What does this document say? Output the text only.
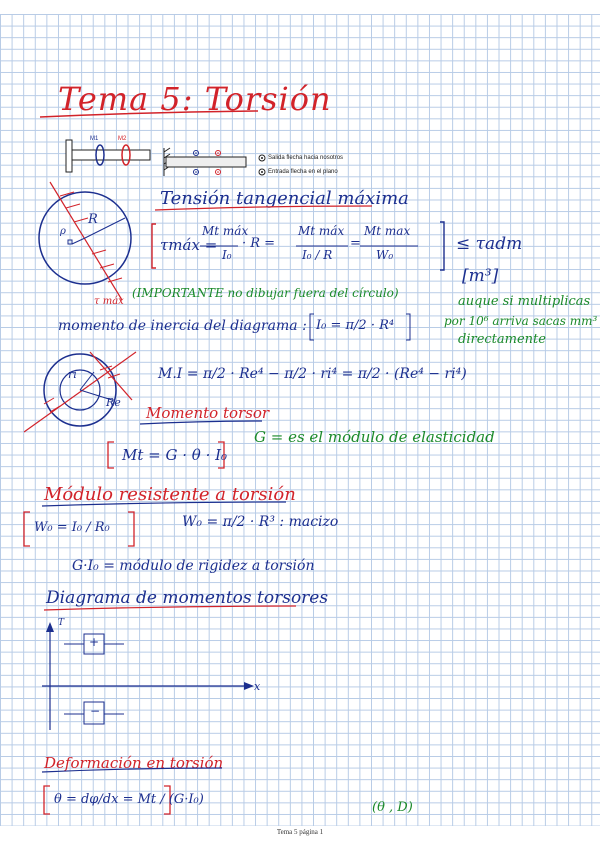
Tema 5: Torsión
M1	M2
Salida flecha hacia nosotros
Entrada flecha en el plano
R
ρ
τ máx
Tensión tangencial máxima
τmáx =
Mt máx
I₀
· R =
Mt máx
I₀ / R
=
Mt max
W₀
≤ τadm
[m³]
auque si multiplicas
por 10⁶ arriva sacas mm³
directamente
(IMPORTANTE no dibujar fuera del círculo)
momento de inercia del diagrama : I₀ = π/2 · R⁴
ri
Re
M.I = π/2 · Re⁴ − π/2 · ri⁴ = π/2 · (Re⁴ − ri⁴)
Momento torsor
Mt = G · θ · I₀
G = es el módulo de elasticidad
Módulo resistente a torsión
W₀ = I₀ / R₀	W₀ = π/2 · R³ : macizo
G·I₀ = módulo de rigidez a torsión
Diagrama de momentos torsores
T
x
+
−
Deformación en torsión
θ = dφ/dx = Mt / (G·I₀)
(θ , D)
Tema 5 página 1
